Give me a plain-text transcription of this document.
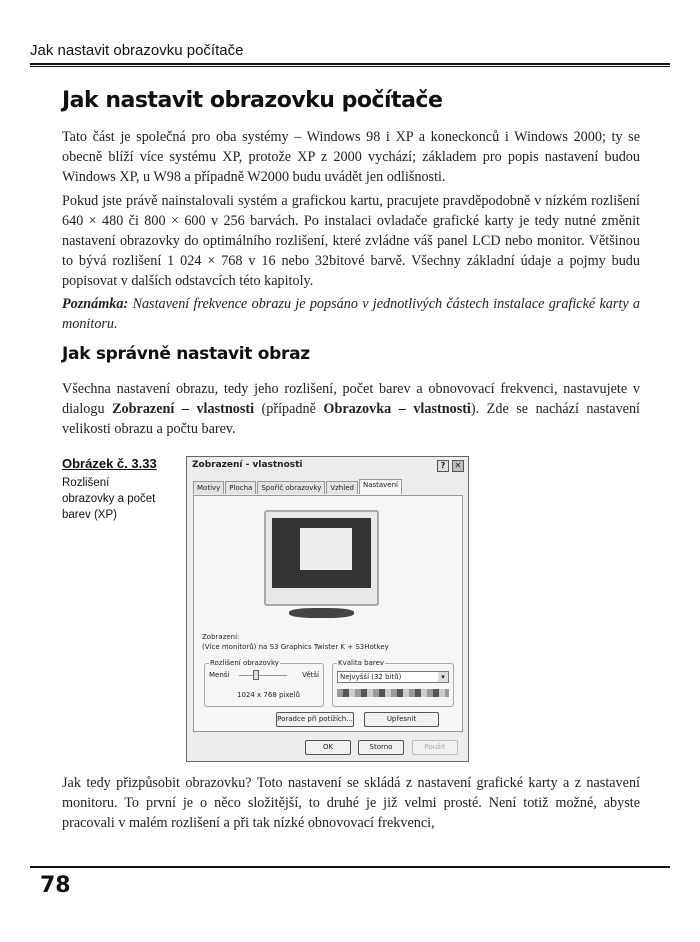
Jak nastavit obrazovku počítače
Jak nastavit obrazovku počítače

Tato část je společná pro oba systémy – Windows 98 i XP a koneckonců i Windows 2000; ty se obecně blíží více systému XP, protože XP z 2000 vychází; základem pro popis nastavení budou Windows XP, u W98 a případně W2000 budu uvádět jen odlišnosti.

Pokud jste právě nainstalovali systém a grafickou kartu, pracujete pravděpodobně v nízkém rozlišení 640 × 480 či 800 × 600 v 256 barvách. Po instalaci ovladače grafické karty je tedy nutné změnit nastavení obrazovky do optimálního rozlišení, které zvládne váš panel LCD nebo monitor. Většinou to bývá rozlišení 1 024 × 768 v 16 nebo 32bitové barvě. Všechny základní údaje a pojmy budu popisovat v dalších odstavcích této kapitoly.

Poznámka: Nastavení frekvence obrazu je popsáno v jednotlivých částech instalace grafické karty a monitoru.

Jak správně nastavit obraz

Všechna nastavení obrazu, tedy jeho rozlišení, počet barev a obnovovací frekvenci, nastavujete v dialogu Zobrazení – vlastnosti (případně Obrazovka – vlastnosti). Zde se nachází nastavení velikosti obrazu a počtu barev.

Obrázek č. 3.33
Rozlišení obrazovky a počet barev (XP)
Zobrazení - vlastnosti	?	✕
Motivy	Plocha	Spořič obrazovky	Vzhled	Nastavení
Zobrazení:
(Více monitorů) na S3 Graphics Twister K + S3Hotkey
Rozlišení obrazovky
Menší	Větší
1024 x 768 pixelů
Kvalita barev
Nejvyšší (32 bitů)	▾
Poradce při potížích...	Upřesnit
OK	Storno	Použít

Jak tedy přizpůsobit obrazovku? Toto nastavení se skládá z nastavení grafické karty a z nastavení monitoru. To první je o něco složitější, to druhé je již velmi prosté. Není totiž možné, abyste pracovali v malém rozlišení a při tak nízké obnovovací frekvenci,

78
